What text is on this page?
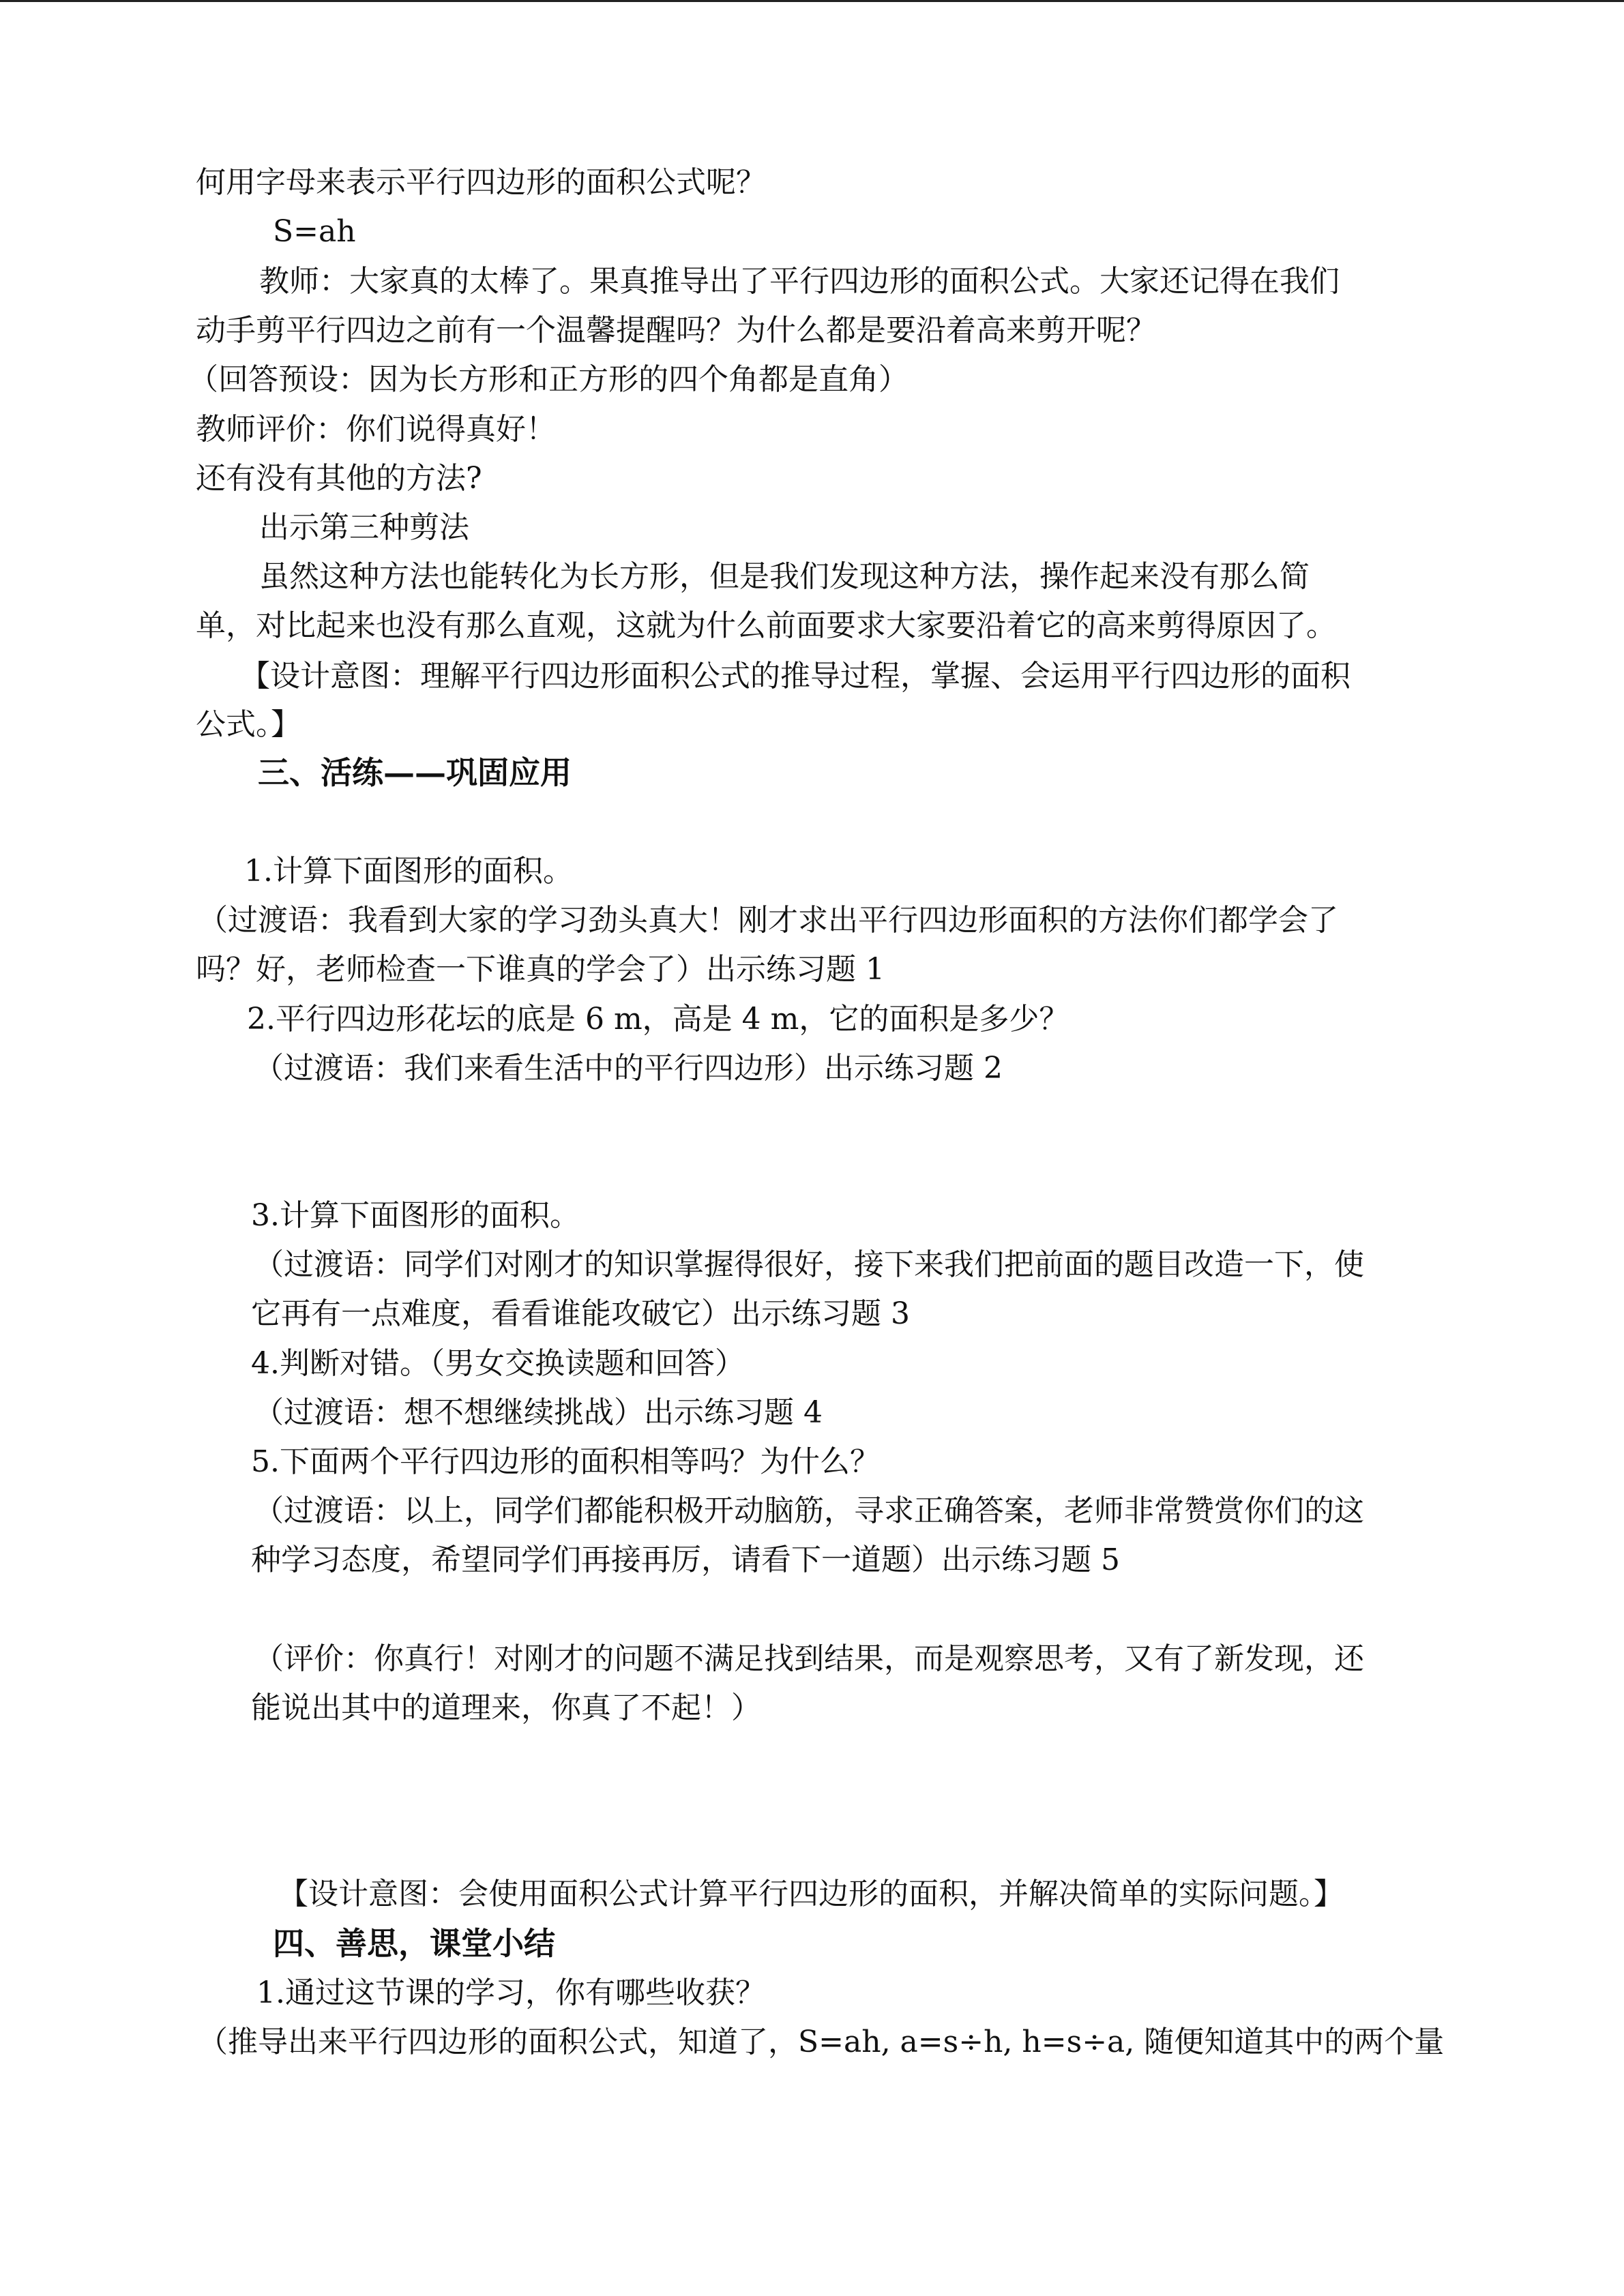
何用字母来表示平行四边形的面积公式呢？
S=ah
教师：大家真的太棒了。果真推导出了平行四边形的面积公式。大家还记得在我们
动手剪平行四边之前有一个温馨提醒吗？为什么都是要沿着高来剪开呢？
（回答预设：因为长方形和正方形的四个角都是直角）
教师评价：你们说得真好！
还有没有其他的方法?
出示第三种剪法
虽然这种方法也能转化为长方形，但是我们发现这种方法，操作起来没有那么简
单，对比起来也没有那么直观，这就为什么前面要求大家要沿着它的高来剪得原因了。
【设计意图：理解平行四边形面积公式的推导过程，掌握、会运用平行四边形的面积
公式。】
三、活练——巩固应用
1.计算下面图形的面积。
（过渡语：我看到大家的学习劲头真大！刚才求出平行四边形面积的方法你们都学会了
吗？好，老师检查一下谁真的学会了）出示练习题 1
2.平行四边形花坛的底是 6 m，高是 4 m，它的面积是多少？
（过渡语：我们来看生活中的平行四边形）出示练习题 2
3.计算下面图形的面积。
（过渡语：同学们对刚才的知识掌握得很好，接下来我们把前面的题目改造一下，使
它再有一点难度，看看谁能攻破它）出示练习题 3
4.判断对错。（男女交换读题和回答）
（过渡语：想不想继续挑战）出示练习题 4
5.下面两个平行四边形的面积相等吗？为什么？
（过渡语：以上，同学们都能积极开动脑筋，寻求正确答案，老师非常赞赏你们的这
种学习态度，希望同学们再接再厉，请看下一道题）出示练习题 5
（评价：你真行！对刚才的问题不满足找到结果，而是观察思考，又有了新发现，还
能说出其中的道理来，你真了不起！）
【设计意图：会使用面积公式计算平行四边形的面积，并解决简单的实际问题。】
四、善思，课堂小结
1.通过这节课的学习，你有哪些收获？
（推导出来平行四边形的面积公式，知道了，S=ah, a=s÷h, h=s÷a, 随便知道其中的两个量
